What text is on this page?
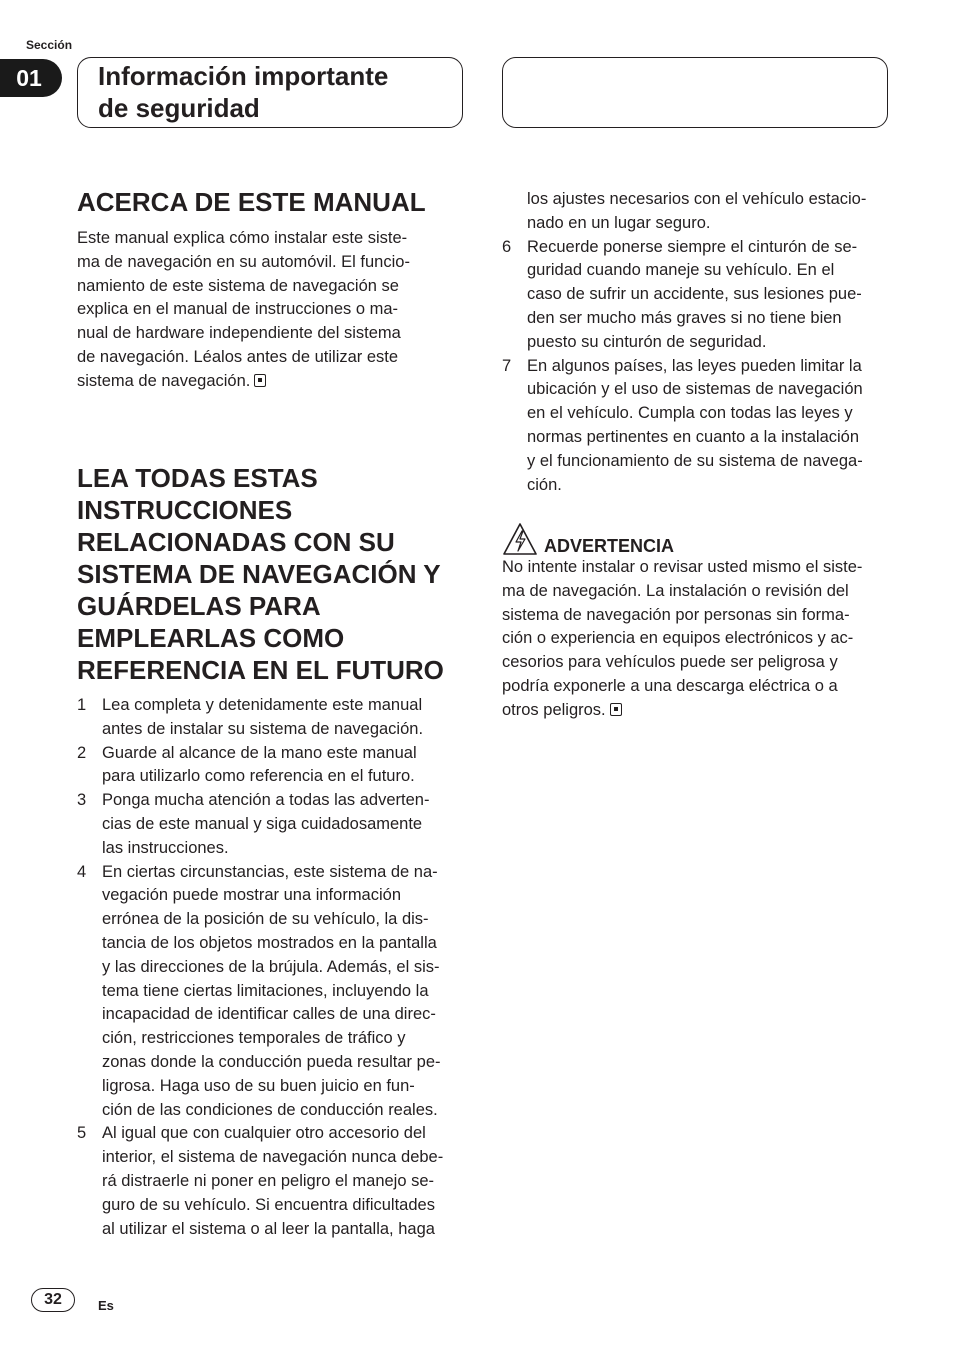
Sección
01	Información importante
de seguridad
ACERCA DE ESTE MANUAL
Este manual explica cómo instalar este siste-
ma de navegación en su automóvil. El funcio-
namiento de este sistema de navegación se
explica en el manual de instrucciones o ma-
nual de hardware independiente del sistema
de navegación. Léalos antes de utilizar este
sistema de navegación.
LEA TODAS ESTAS
INSTRUCCIONES
RELACIONADAS CON SU
SISTEMA DE NAVEGACIÓN Y
GUÁRDELAS PARA
EMPLEARLAS COMO
REFERENCIA EN EL FUTURO
1 Lea completa y detenidamente este manual
antes de instalar su sistema de navegación.
2 Guarde al alcance de la mano este manual
para utilizarlo como referencia en el futuro.
3 Ponga mucha atención a todas las adverten-
cias de este manual y siga cuidadosamente
las instrucciones.
4 En ciertas circunstancias, este sistema de na-
vegación puede mostrar una información
errónea de la posición de su vehículo, la dis-
tancia de los objetos mostrados en la pantalla
y las direcciones de la brújula. Además, el sis-
tema tiene ciertas limitaciones, incluyendo la
incapacidad de identificar calles de una direc-
ción, restricciones temporales de tráfico y
zonas donde la conducción pueda resultar pe-
ligrosa. Haga uso de su buen juicio en fun-
ción de las condiciones de conducción reales.
5 Al igual que con cualquier otro accesorio del
interior, el sistema de navegación nunca debe-
rá distraerle ni poner en peligro el manejo se-
guro de su vehículo. Si encuentra dificultades
al utilizar el sistema o al leer la pantalla, haga
los ajustes necesarios con el vehículo estacio-
nado en un lugar seguro.
6 Recuerde ponerse siempre el cinturón de se-
guridad cuando maneje su vehículo. En el
caso de sufrir un accidente, sus lesiones pue-
den ser mucho más graves si no tiene bien
puesto su cinturón de seguridad.
7 En algunos países, las leyes pueden limitar la
ubicación y el uso de sistemas de navegación
en el vehículo. Cumpla con todas las leyes y
normas pertinentes en cuanto a la instalación
y el funcionamiento de su sistema de navega-
ción.
ADVERTENCIA
No intente instalar o revisar usted mismo el siste-
ma de navegación. La instalación o revisión del
sistema de navegación por personas sin forma-
ción o experiencia en equipos electrónicos y ac-
cesorios para vehículos puede ser peligrosa y
podría exponerle a una descarga eléctrica o a
otros peligros.
32	Es
